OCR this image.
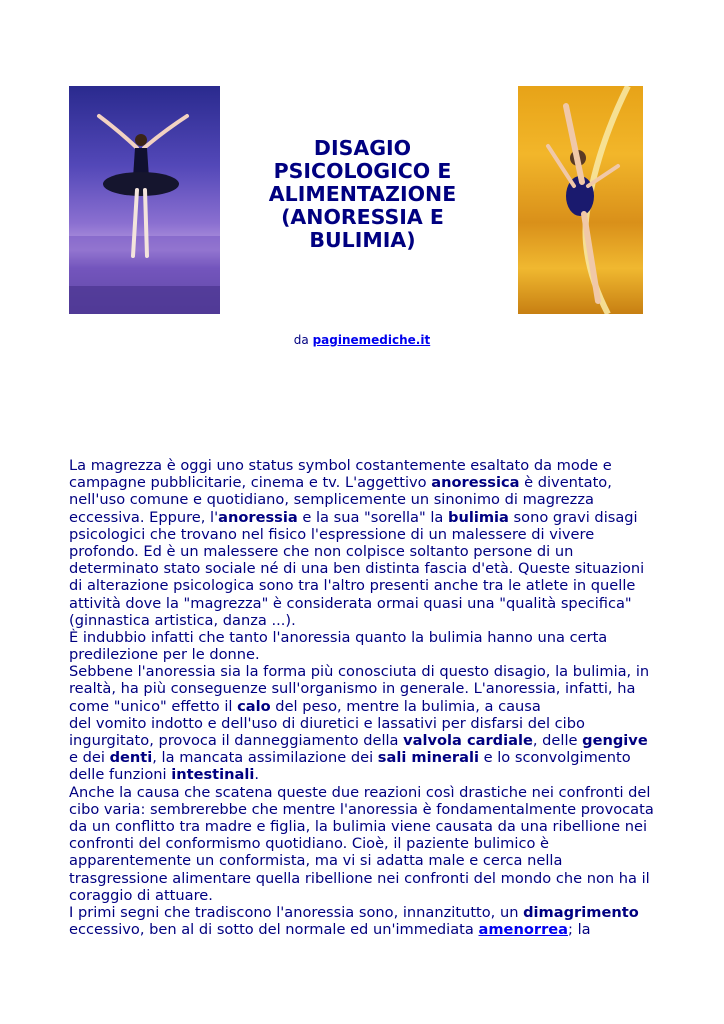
DISAGIO
PSICOLOGICO E
ALIMENTAZIONE
(ANORESSIA E
BULIMIA)
da paginemediche.it
La magrezza è oggi uno status symbol costantemente esaltato da mode e
campagne pubblicitarie, cinema e tv. L'aggettivo anoressica è diventato,
nell'uso comune e quotidiano, semplicemente un sinonimo di magrezza
eccessiva. Eppure, l'anoressia e la sua "sorella" la bulimia sono gravi disagi
psicologici che trovano nel fisico l'espressione di un malessere di vivere
profondo. Ed è un malessere che non colpisce soltanto persone di un
determinato stato sociale né di una ben distinta fascia d'età. Queste situazioni
di alterazione psicologica sono tra l'altro presenti anche tra le atlete in quelle
attività dove la "magrezza" è considerata ormai quasi una "qualità specifica"
(ginnastica artistica, danza ...).
È indubbio infatti che tanto l'anoressia quanto la bulimia hanno una certa
predilezione per le donne.
Sebbene l'anoressia sia la forma più conosciuta di questo disagio, la bulimia, in
realtà, ha più conseguenze sull'organismo in generale. L'anoressia, infatti, ha
come "unico" effetto il calo del peso, mentre la bulimia, a causa
del vomito indotto e dell'uso di diuretici e lassativi per disfarsi del cibo
ingurgitato, provoca il danneggiamento della valvola cardiale, delle gengive
e dei denti, la mancata assimilazione dei sali minerali e lo sconvolgimento
delle funzioni intestinali.
Anche la causa che scatena queste due reazioni così drastiche nei confronti del
cibo varia: sembrerebbe che mentre l'anoressia è fondamentalmente provocata
da un conflitto tra madre e figlia, la bulimia viene causata da una ribellione nei
confronti del conformismo quotidiano. Cioè, il paziente bulimico è
apparentemente un conformista, ma vi si adatta male e cerca nella
trasgressione alimentare quella ribellione nei confronti del mondo che non ha il
coraggio di attuare.
I primi segni che tradiscono l'anoressia sono, innanzitutto, un dimagrimento
eccessivo, ben al di sotto del normale ed un'immediata amenorrea; la
